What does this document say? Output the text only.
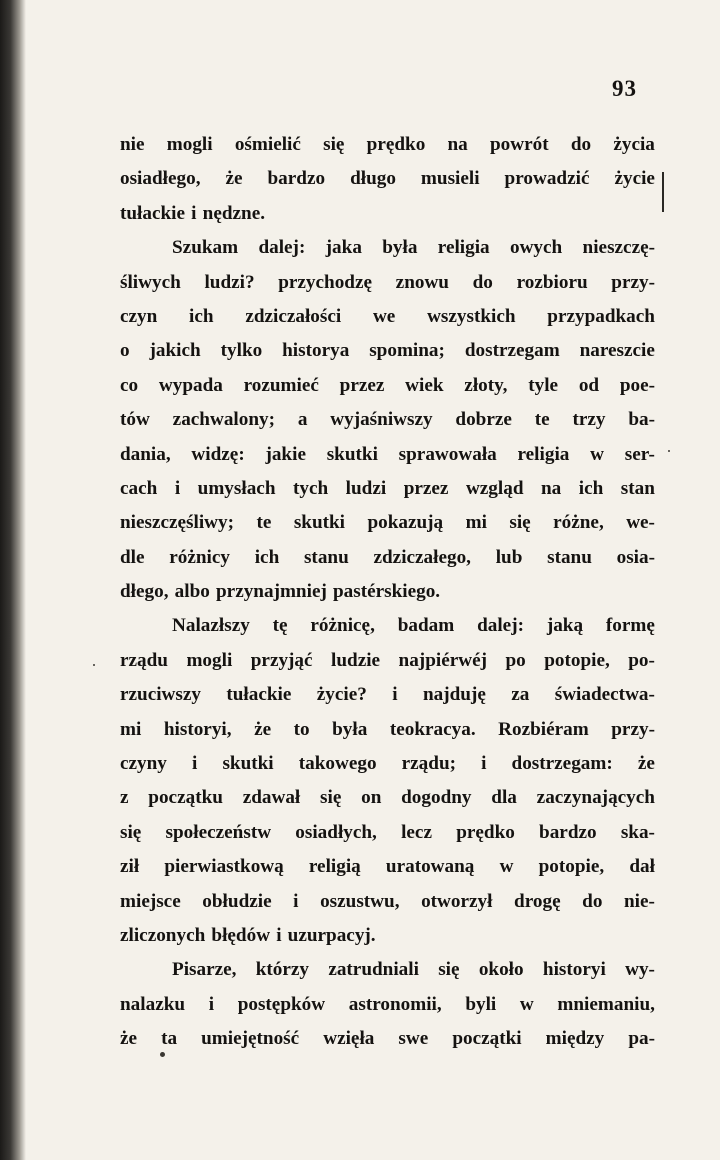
93
nie mogli ośmielić się prędko na powrót do życia
osiadłego, że bardzo długo musieli prowadzić życie
tułackie i nędzne.
Szukam dalej: jaka była religia owych nieszczę-
śliwych ludzi? przychodzę znowu do rozbioru przy-
czyn ich zdziczałości we wszystkich przypadkach
o jakich tylko historya spomina; dostrzegam nareszcie
co wypada rozumieć przez wiek złoty, tyle od poe-
tów zachwalony; a wyjaśniwszy dobrze te trzy ba-
dania, widzę: jakie skutki sprawowała religia w ser-
cach i umysłach tych ludzi przez wzgląd na ich stan
nieszczęśliwy; te skutki pokazują mi się różne, we-
dle różnicy ich stanu zdziczałego, lub stanu osia-
dłego, albo przynajmniej pastérskiego.
Nalazłszy tę różnicę, badam dalej: jaką formę
rządu mogli przyjąć ludzie najpiérwéj po potopie, po-
rzuciwszy tułackie życie? i najduję za świadectwa-
mi historyi, że to była teokracya. Rozbiéram przy-
czyny i skutki takowego rządu; i dostrzegam: że
z początku zdawał się on dogodny dla zaczynających
się społeczeństw osiadłych, lecz prędko bardzo ska-
ził pierwiastkową religią uratowaną w potopie, dał
miejsce obłudzie i oszustwu, otworzył drogę do nie-
zliczonych błędów i uzurpacyj.
Pisarze, którzy zatrudniali się około historyi wy-
nalazku i postępków astronomii, byli w mniemaniu,
że ta umiejętność wzięła swe początki między pa-
